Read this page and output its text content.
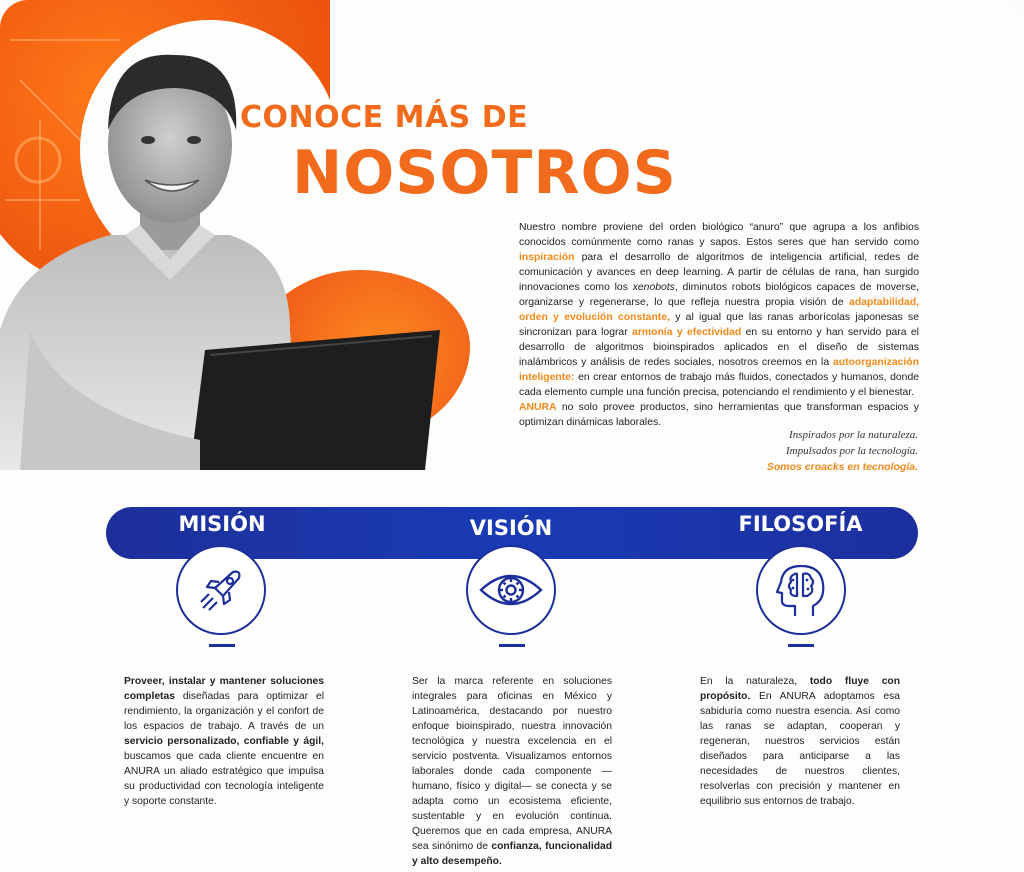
CONOCE MÁS DE
NOSOTROS

Nuestro nombre proviene del orden biológico “anuro” que agrupa a los anfibios conocidos comúnmente como ranas y sapos. Estos seres que han servido como inspiración para el desarrollo de algoritmos de inteligencia artificial, redes de comunicación y avances en deep learning. A partir de células de rana, han surgido innovaciones como los xenobots, diminutos robots biológicos capaces de moverse, organizarse y regenerarse, lo que refleja nuestra propia visión de adaptabilidad, orden y evolución constante, y al igual que las ranas arborícolas japonesas se sincronizan para lograr armonía y efectividad en su entorno y han servido para el desarrollo de algoritmos bioinspirados aplicados en el diseño de sistemas inalámbricos y análisis de redes sociales, nosotros creemos en la autoorganización inteligente: en crear entornos de trabajo más fluidos, conectados y humanos, donde cada elemento cumple una función precisa, potenciando el rendimiento y el bienestar.

ANURA no solo provee productos, sino herramientas que transforman espacios y optimizan dinámicas laborales.

Inspirados por la naturaleza.
Impulsados por la tecnología.
Somos croacks en tecnología.
MISIÓN	VISIÓN	FILOSOFÍA
Proveer, instalar y mantener soluciones completas diseñadas para optimizar el rendimiento, la organización y el confort de los espacios de trabajo. A través de un servicio personalizado, confiable y ágil, buscamos que cada cliente encuentre en ANURA un aliado estratégico que impulsa su productividad con tecnología inteligente y soporte constante.
Ser la marca referente en soluciones integrales para oficinas en México y Latinoamérica, destacando por nuestro enfoque bioinspirado, nuestra innovación tecnológica y nuestra excelencia en el servicio postventa. Visualizamos entornos laborales donde cada componente —humano, físico y digital— se conecta y se adapta como un ecosistema eficiente, sustentable y en evolución continua. Queremos que en cada empresa, ANURA sea sinónimo de confianza, funcionalidad y alto desempeño.
En la naturaleza, todo fluye con propósito. En ANURA adoptamos esa sabiduría como nuestra esencia. Así como las ranas se adaptan, cooperan y regeneran, nuestros servicios están diseñados para anticiparse a las necesidades de nuestros clientes, resolverlas con precisión y mantener en equilibrio sus entornos de trabajo.
